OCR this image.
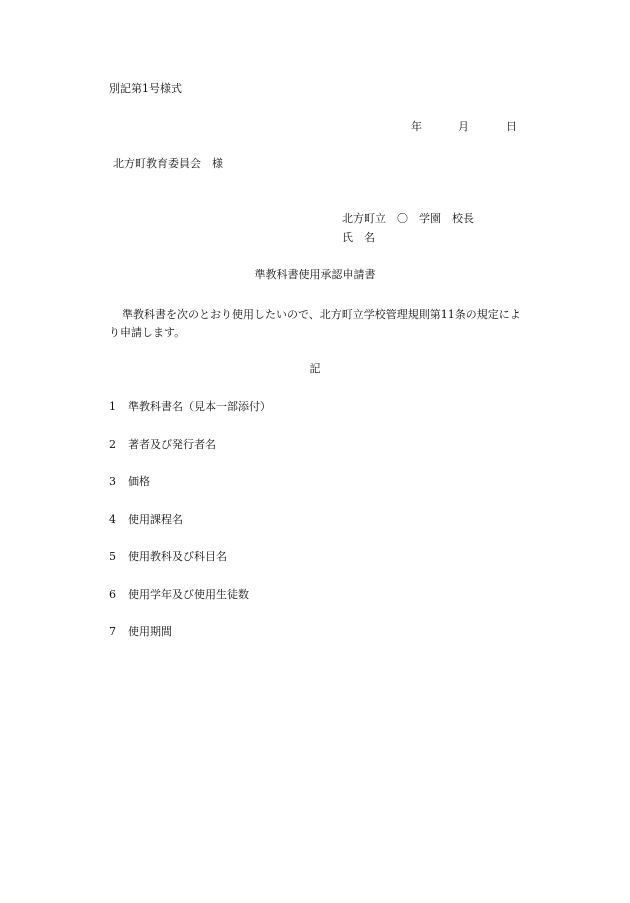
別記第1号様式
年	月	日
北方町教育委員会　様
北方町立　〇　学園　校長
氏　名
準教科書使用承認申請書
準教科書を次のとおり使用したいので、北方町立学校管理規則第11条の規定により申請します。
記
1	準教科書名（見本一部添付）
2	著者及び発行者名
3	価格
4	使用課程名
5	使用教科及び科目名
6	使用学年及び使用生徒数
7	使用期間
